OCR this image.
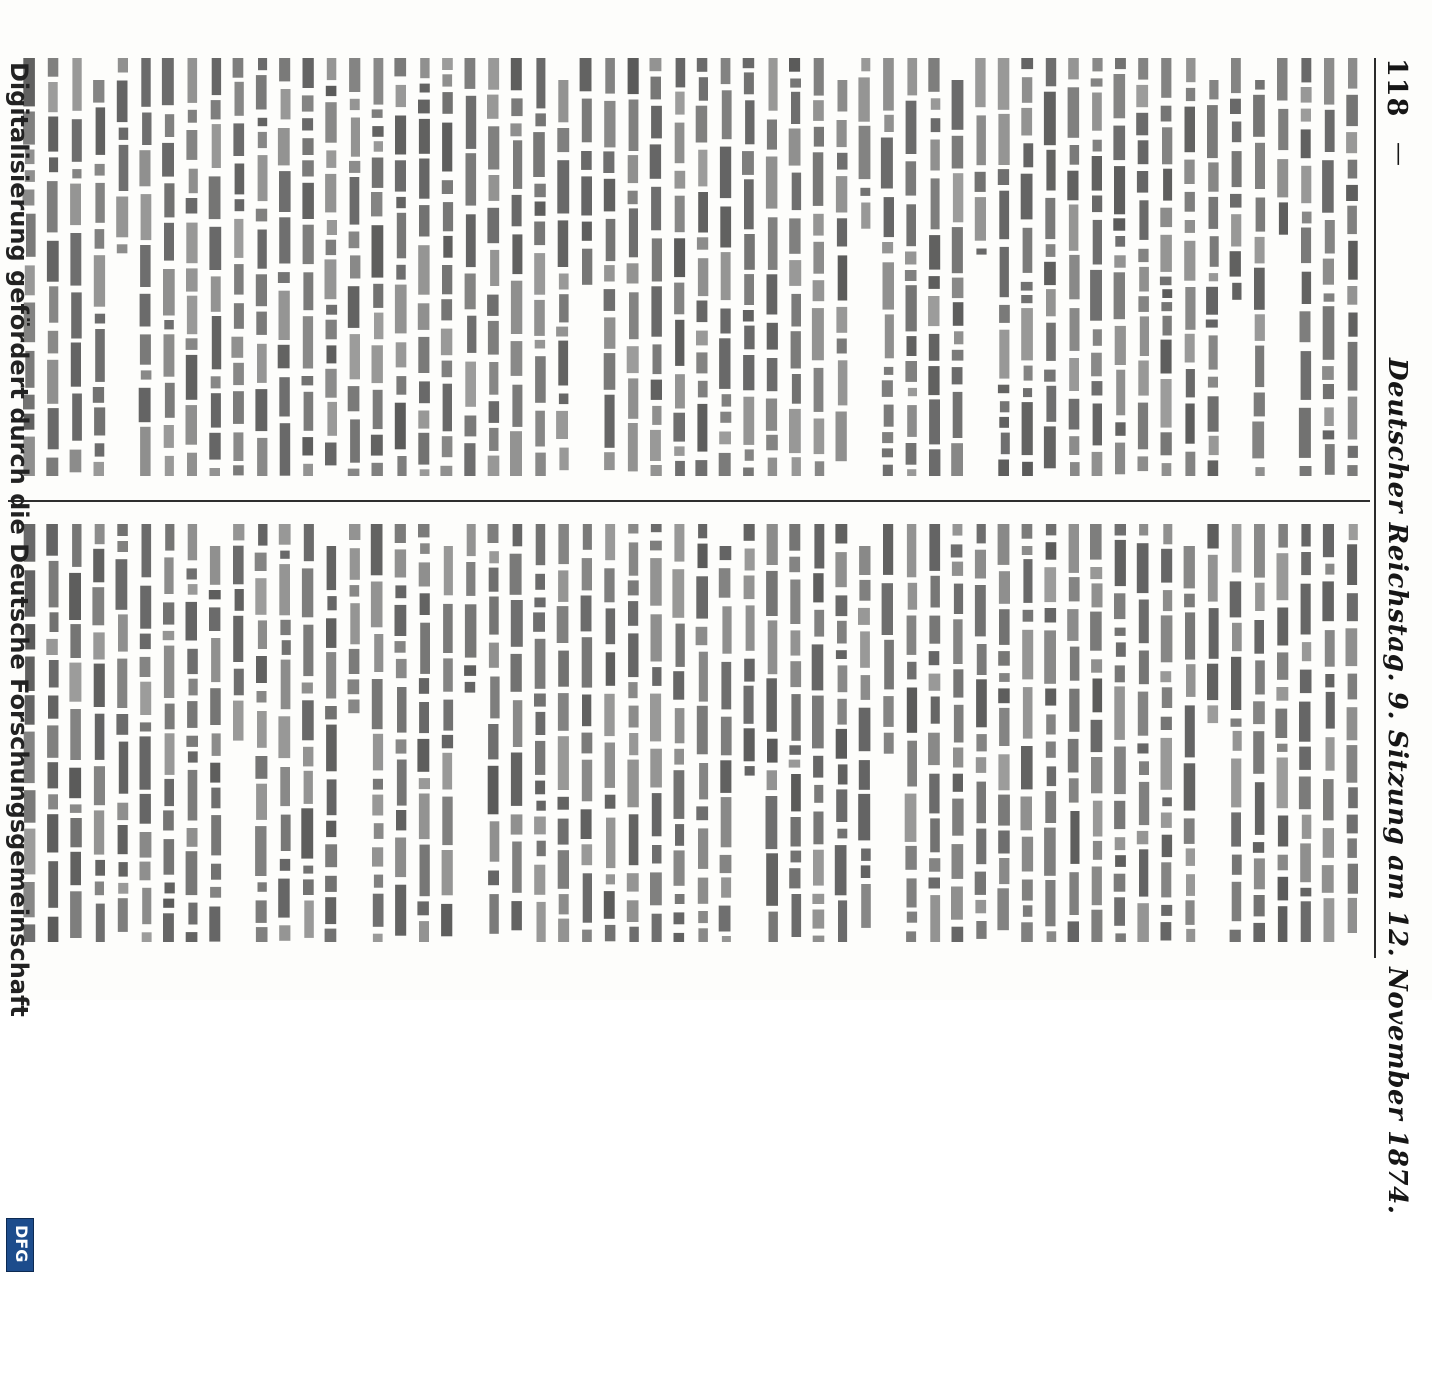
118
—
Deutscher Reichstag. 9. Sitzung am 12. November 1874.
Digitalisierung gefördert durch die Deutsche Forschungsgemeinschaft
DFG
